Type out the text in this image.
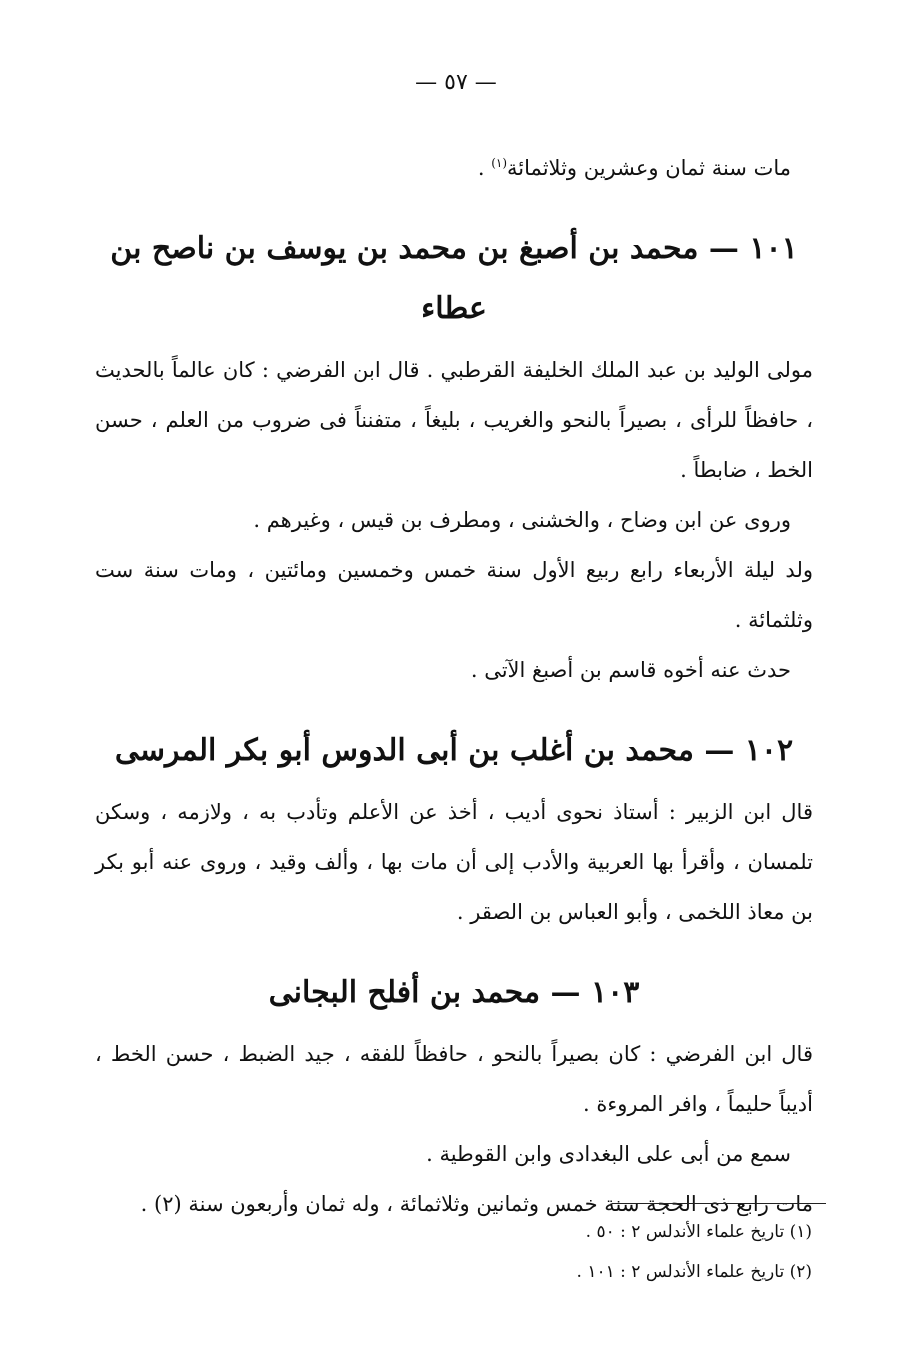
— ٥٧ —
مات سنة ثمان وعشرين وثلاثمائة$^{(١)}$ .
١٠١ — محمد بن أصبغ بن محمد بن يوسف بن ناصح بن عطاء

مولى الوليد بن عبد الملك الخليفة القرطبي . قال ابن الفرضي : كان عالماً بالحديث ، حافظاً للرأى ، بصيراً بالنحو والغريب ، بليغاً ، متفنناً فى ضروب من العلم ، حسن الخط ، ضابطاً .

وروى عن ابن وضاح ، والخشنى ، ومطرف بن قيس ، وغيرهم .

ولد ليلة الأربعاء رابع ربيع الأول سنة خمس وخمسين ومائتين ، ومات سنة ست وثلثمائة .

حدث عنه أخوه قاسم بن أصبغ الآتى .

١٠٢ — محمد بن أغلب بن أبى الدوس أبو بكر المرسى

قال ابن الزبير : أستاذ نحوى أديب ، أخذ عن الأعلم وتأدب به ، ولازمه ، وسكن تلمسان ، وأقرأ بها العربية والأدب إلى أن مات بها ، وألف وقيد ، وروى عنه أبو بكر بن معاذ اللخمى ، وأبو العباس بن الصقر .

١٠٣ — محمد بن أفلح البجانى

قال ابن الفرضي : كان بصيراً بالنحو ، حافظاً للفقه ، جيد الضبط ، حسن الخط ، أديباً حليماً ، وافر المروءة .

سمع من أبى على البغدادى وابن القوطية .

مات رابع ذى الحجة سنة خمس وثمانين وثلاثمائة ، وله ثمان وأربعون سنة (٢) .

(١) تاريخ علماء الأندلس ٢ : ٥٠ .
(٢) تاريخ علماء الأندلس ٢ : ١٠١ .
